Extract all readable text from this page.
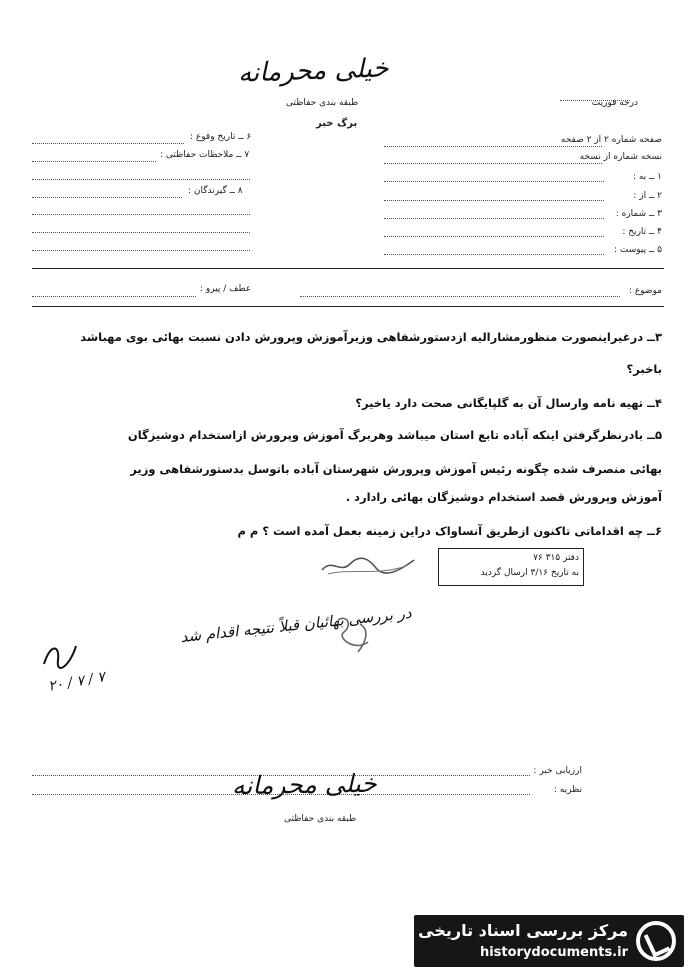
خیلی محرمانه
طبقه بندی حفاظتی	درجه فوریت
برگ خبر
صفحه شماره ۲ از ۲ صفحه
نسخه شماره از نسخه
۱ ــ به :
۲ ــ از :
۳ ــ شماره :
۴ ــ تاریخ :
۵ ــ پیوست :
۶ ــ تاریخ وقوع :
۷ ــ ملاحظات حفاظتی :
۸ ــ گیرندگان :
موضوع :
عطف / پیرو :
۳ــ درغیراینصورت منظورمشارالیه ازدستورشفاهی وزیرآموزش وپرورش دادن نسبت بهائی بوی مهباشد
باخبر؟
۴ــ تهیه نامه وارسال آن به گلپایگانی صحت دارد یاخیر؟
۵ــ بادرنظرگرفتن اینکه آباده تابع استان میباشد وهربرگ آموزش وپرورش ازاستخدام دوشیزگان
بهائی منصرف شده چگونه رئیس آموزش وپرورش شهرستان آباده باتوسل بدستورشفاهی وزیر
آموزش وپرورش قصد استخدام دوشیزگان بهائی رادارد .
۶ــ چه اقداماتی تاکنون ازطریق آنساواک دراین زمینه بعمل آمده است ؟ م م
دفتر ۳۱۵ ۷۶
به تاریخ ۳/۱۶ ارسال گردید
در بررسی بهائیان قبلاً نتیجه اقدام شد
۲۰ / ۷ / ۷
ارزیابی خبر :
نظریه :
خیلی محرمانه
طبقه بندی حفاظتی
مرکز بررسی اسناد تاریخی
historydocuments.ir
